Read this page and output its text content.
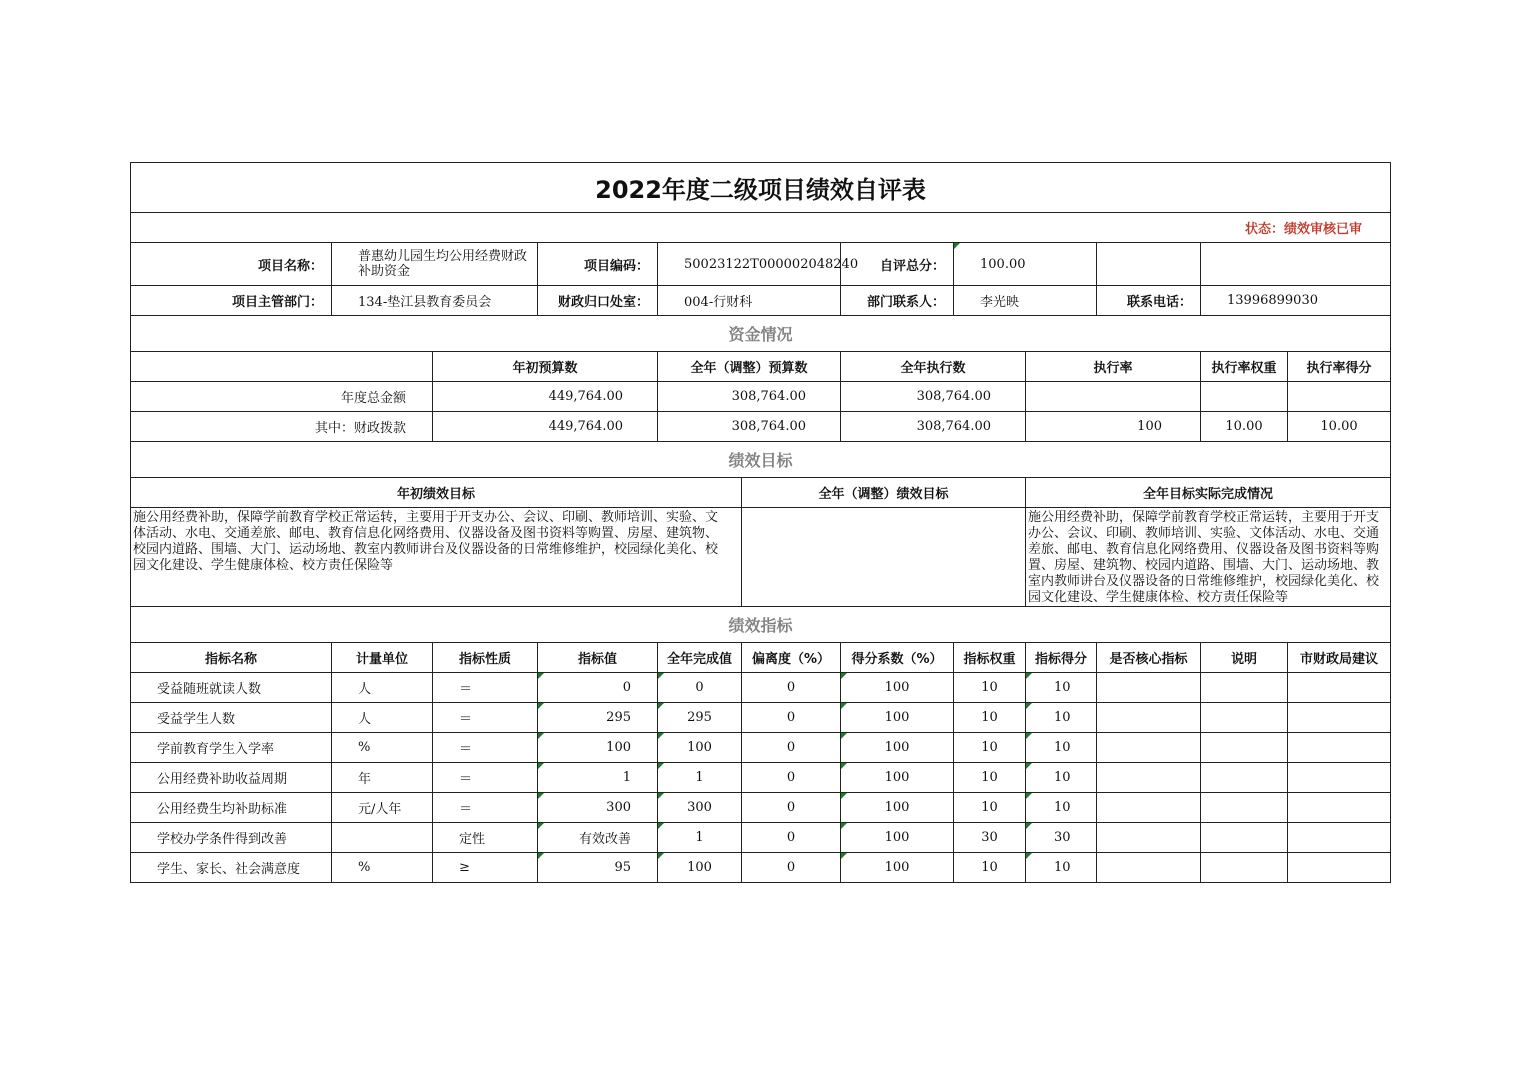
2022年度二级项目绩效自评表											
状态：绩效审核已审											
项目名称：	普惠幼儿园生均公用经费财政补助资金		项目编码：	50023122T000002048240		自评总分：	100.00				
项目主管部门：	134-垫江县教育委员会		财政归口处室：	004-行财科		部门联系人：	李光映		联系电话：	13996899030	
资金情况											
		年初预算数		全年（调整）预算数		全年执行数		执行率		执行率权重	执行率得分
年度总金额		449,764.00		308,764.00		308,764.00					
其中：财政拨款		449,764.00		308,764.00		308,764.00		100		10.00	10.00
绩效目标											
年初绩效目标					全年（调整）绩效目标			全年目标实际完成情况			
施公用经费补助，保障学前教育学校正常运转，主要用于开支办公、会议、印刷、教师培训、实验、文体活动、水电、交通差旅、邮电、教育信息化网络费用、仪器设备及图书资料等购置、房屋、建筑物、校园内道路、围墙、大门、运动场地、教室内教师讲台及仪器设备的日常维修维护，校园绿化美化、校园文化建设、学生健康体检、校方责任保险等								施公用经费补助，保障学前教育学校正常运转，主要用于开支办公、会议、印刷、教师培训、实验、文体活动、水电、交通差旅、邮电、教育信息化网络费用、仪器设备及图书资料等购置、房屋、建筑物、校园内道路、围墙、大门、运动场地、教室内教师讲台及仪器设备的日常维修维护，校园绿化美化、校园文化建设、学生健康体检、校方责任保险等			
绩效指标											
指标名称	计量单位	指标性质	指标值	全年完成值	偏离度（%）	得分系数（%）	指标权重	指标得分	是否核心指标	说明	市财政局建议
受益随班就读人数	人	＝	0	0	0	100	10	10			
受益学生人数	人	＝	295	295	0	100	10	10			
学前教育学生入学率	%	＝	100	100	0	100	10	10			
公用经费补助收益周期	年	＝	1	1	0	100	10	10			
公用经费生均补助标准	元/人年	＝	300	300	0	100	10	10			
学校办学条件得到改善		定性	有效改善	1	0	100	30	30			
学生、家长、社会满意度	%	≥	95	100	0	100	10	10			
